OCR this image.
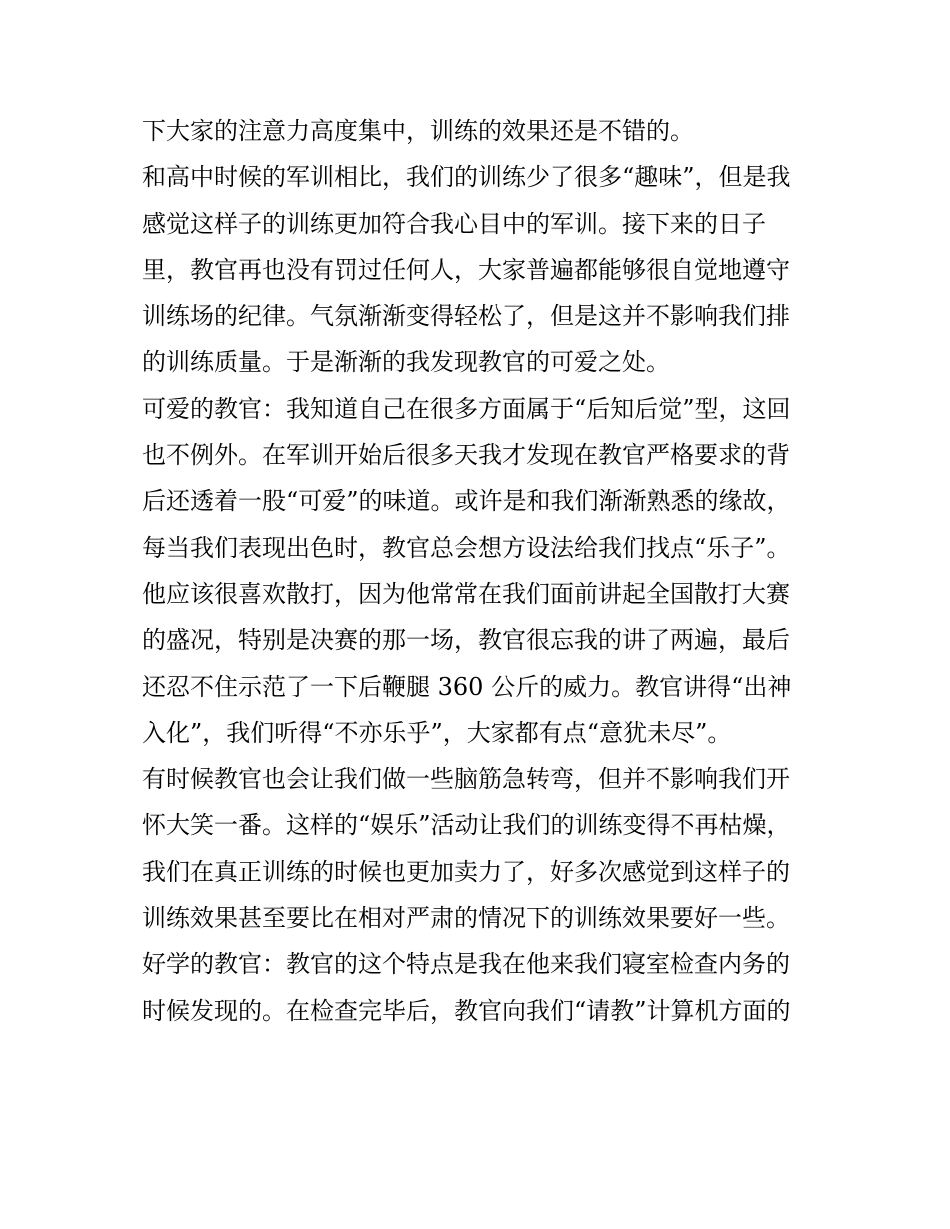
下大家的注意力高度集中，训练的效果还是不错的。
和高中时候的军训相比，我们的训练少了很多“趣味”，但是我
感觉这样子的训练更加符合我心目中的军训。接下来的日子
里，教官再也没有罚过任何人，大家普遍都能够很自觉地遵守
训练场的纪律。气氛渐渐变得轻松了，但是这并不影响我们排
的训练质量。于是渐渐的我发现教官的可爱之处。
可爱的教官：我知道自己在很多方面属于“后知后觉”型，这回
也不例外。在军训开始后很多天我才发现在教官严格要求的背
后还透着一股“可爱”的味道。或许是和我们渐渐熟悉的缘故，
每当我们表现出色时，教官总会想方设法给我们找点“乐子”。
他应该很喜欢散打，因为他常常在我们面前讲起全国散打大赛
的盛况，特别是决赛的那一场，教官很忘我的讲了两遍，最后
还忍不住示范了一下后鞭腿 360 公斤的威力。教官讲得“出神
入化”，我们听得“不亦乐乎”，大家都有点“意犹未尽”。
有时候教官也会让我们做一些脑筋急转弯，但并不影响我们开
怀大笑一番。这样的“娱乐”活动让我们的训练变得不再枯燥，
我们在真正训练的时候也更加卖力了，好多次感觉到这样子的
训练效果甚至要比在相对严肃的情况下的训练效果要好一些。
好学的教官：教官的这个特点是我在他来我们寝室检查内务的
时候发现的。在检查完毕后，教官向我们“请教”计算机方面的
